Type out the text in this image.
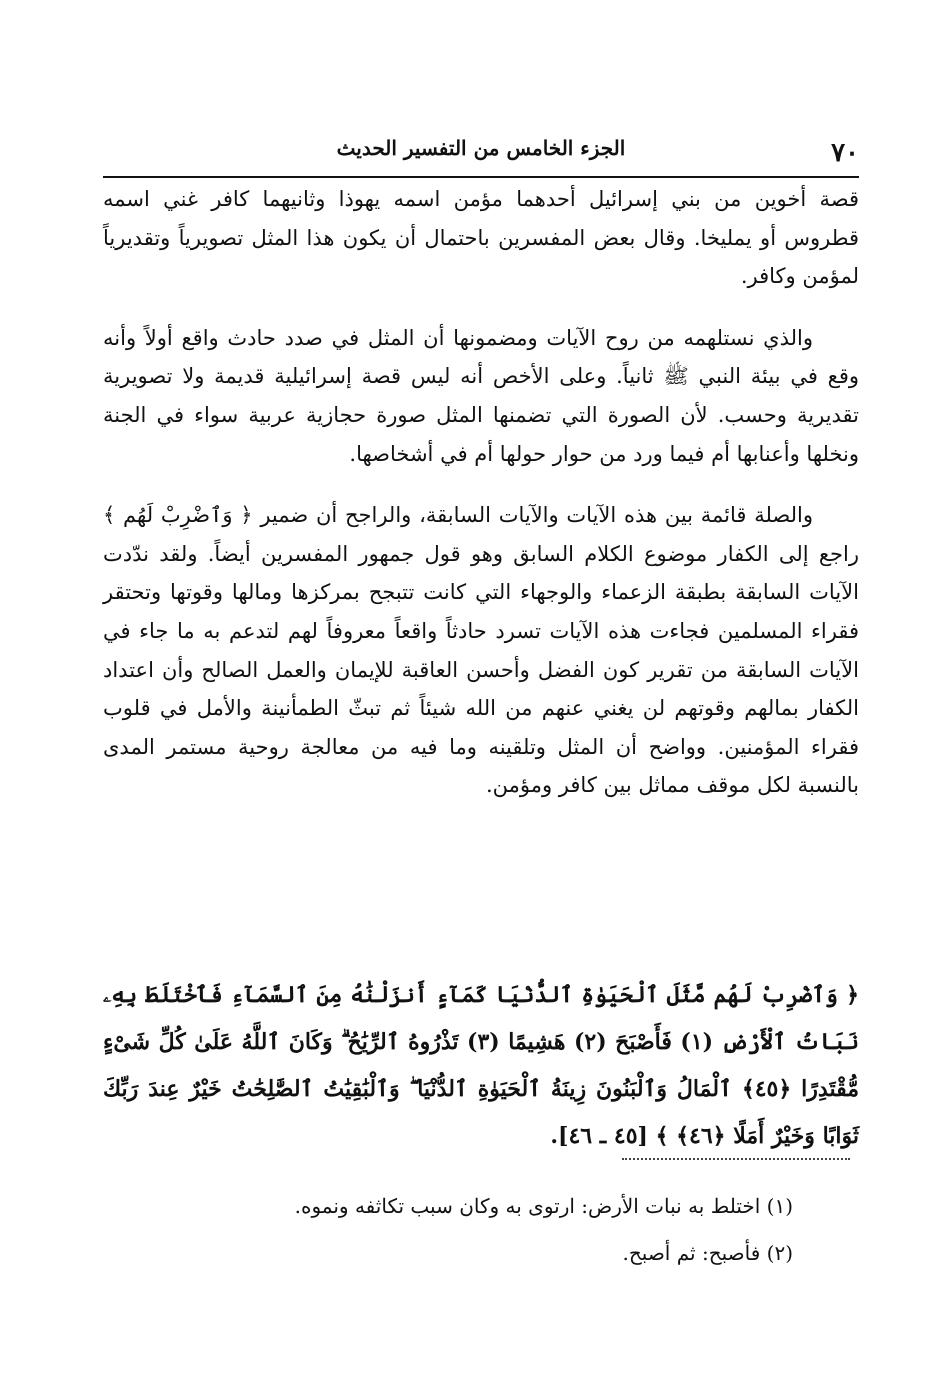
٧٠
الجزء الخامس من التفسير الحديث

قصة أخوين من بني إسرائيل أحدهما مؤمن اسمه يهوذا وثانيهما كافر غني اسمه قطروس أو يمليخا. وقال بعض المفسرين باحتمال أن يكون هذا المثل تصويرياً وتقديرياً لمؤمن وكافر.

والذي نستلهمه من روح الآيات ومضمونها أن المثل في صدد حادث واقع أولاً وأنه وقع في بيئة النبي ﷺ ثانياً. وعلى الأخص أنه ليس قصة إسرائيلية قديمة ولا تصويرية تقديرية وحسب. لأن الصورة التي تضمنها المثل صورة حجازية عربية سواء في الجنة ونخلها وأعنابها أم فيما ورد من حوار حولها أم في أشخاصها.

والصلة قائمة بين هذه الآيات والآيات السابقة، والراجح أن ضمير ﴿ وَٱضْرِبْ لَهُم ﴾ راجع إلى الكفار موضوع الكلام السابق وهو قول جمهور المفسرين أيضاً. ولقد ندّدت الآيات السابقة بطبقة الزعماء والوجهاء التي كانت تتبجح بمركزها ومالها وقوتها وتحتقر فقراء المسلمين فجاءت هذه الآيات تسرد حادثاً واقعاً معروفاً لهم لتدعم به ما جاء في الآيات السابقة من تقرير كون الفضل وأحسن العاقبة للإيمان والعمل الصالح وأن اعتداد الكفار بمالهم وقوتهم لن يغني عنهم من الله شيئاً ثم تبثّ الطمأنينة والأمل في قلوب فقراء المؤمنين. وواضح أن المثل وتلقينه وما فيه من معالجة روحية مستمر المدى بالنسبة لكل موقف مماثل بين كافر ومؤمن.

﴿ وَٱضْرِبْ لَهُم مَّثَلَ ٱلْحَيَوٰةِ ٱلدُّنْيَا كَمَآءٍ أَنزَلْنَٰهُ مِنَ ٱلسَّمَآءِ فَٱخْتَلَطَ بِهِۦ نَبَاتُ ٱلْأَرْضِ (١) فَأَصْبَحَ (٢) هَشِيمًا (٣) تَذْرُوهُ ٱلرِّيَٰحُ ۗ وَكَانَ ٱللَّهُ عَلَىٰ كُلِّ شَىْءٍ مُّقْتَدِرًا ﴿٤٥﴾ ٱلْمَالُ وَٱلْبَنُونَ زِينَةُ ٱلْحَيَوٰةِ ٱلدُّنْيَا ۖ وَٱلْبَٰقِيَٰتُ ٱلصَّٰلِحَٰتُ خَيْرٌ عِندَ رَبِّكَ ثَوَابًا وَخَيْرٌ أَمَلًا ﴿٤٦﴾ ﴾ [٤٥ ـ ٤٦].

(١) اختلط به نبات الأرض: ارتوى به وكان سبب تكاثفه ونموه.

(٢) فأصبح: ثم أصبح.
